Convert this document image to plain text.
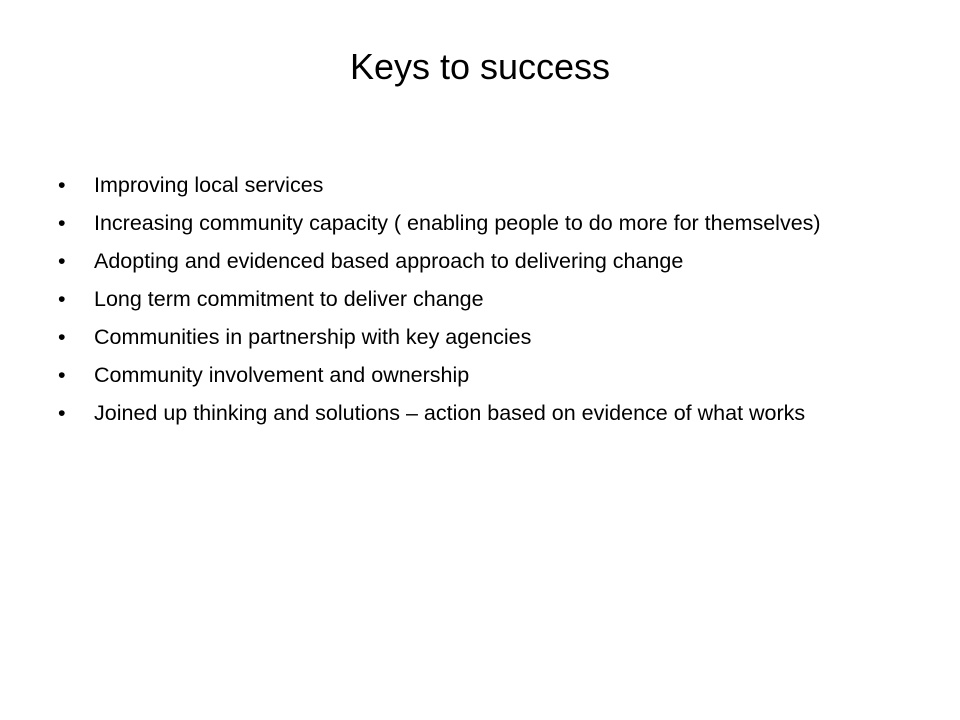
Keys to success
•	Improving local services
•	Increasing community capacity ( enabling people to do more for themselves)
•	Adopting and evidenced based approach to delivering change
•	Long term commitment to deliver change
•	Communities in partnership with key agencies
•	Community involvement and ownership
•	Joined up thinking and solutions – action based on evidence of what works
